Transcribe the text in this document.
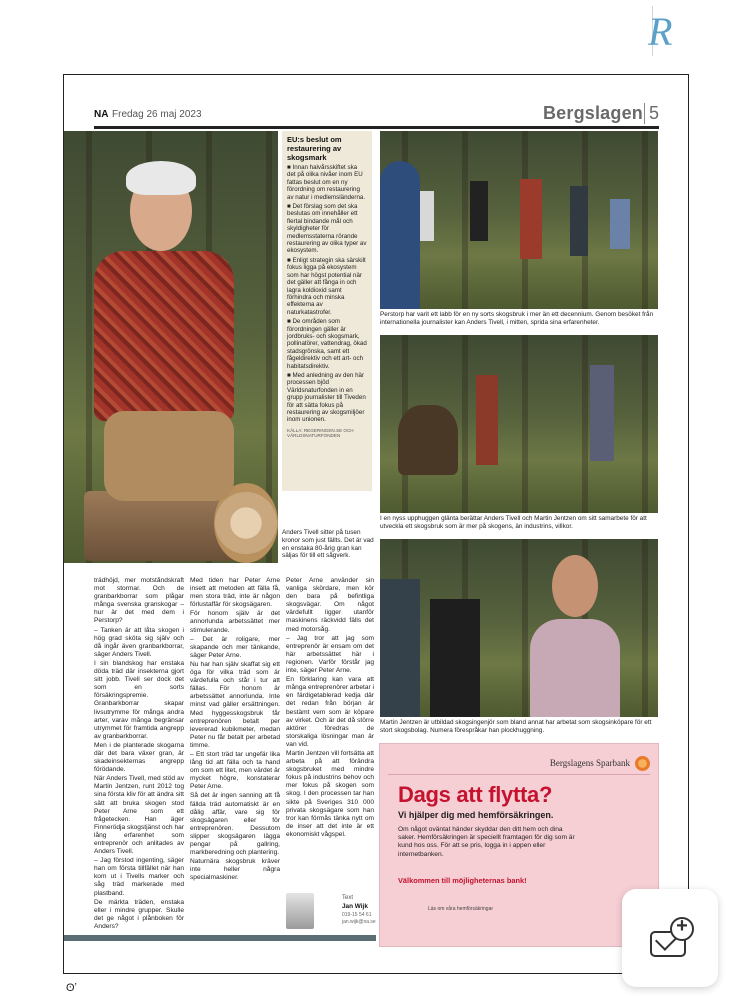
R
NA Fredag 26 maj 2023	Bergslagen 5
EU:s beslut om restaurering av skogsmark
■ Innan halvårsskiftet ska det på olika nivåer inom EU fattas beslut om en ny förordning om restaurering av natur i medlemsländerna.
■ Det förslag som det ska beslutas om innehåller ett flertal bindande mål och skyldigheter för medlemsstaterna rörande restaurering av olika typer av ekosystem.
■ Enligt strategin ska särskilt fokus ligga på ekosystem som har högst potential när det gäller att fånga in och lagra koldioxid samt förhindra och minska effekterna av naturkatastrofer.
■ De områden som förordningen gäller är jordbruks- och skogsmark, pollinatörer, vattendrag, ökad stadsgrönska, samt ett fågeldirektiv och ett art- och habitatsdirektiv.
■ Med anledning av den här processen bjöd Världsnaturfonden in en grupp journalister till Tiveden för att sätta fokus på restaurering av skogsmiljöer inom unionen.
KÄLLA: REGERINGEN.SE OCH VÄRLDSNATURFONDEN
Anders Tivell sitter på tusen kronor som just fällts. Det är vad en enstaka 80-årig gran kan säljas för till ett sågverk.
Perstorp har varit ett labb för en ny sorts skogsbruk i mer än ett decennium. Genom besöket från internationella journalister kan Anders Tivell, i mitten, sprida sina erfarenheter.
I en nyss upphuggen glänta berättar Anders Tivell och Martin Jentzen om sitt samarbete för att utveckla ett skogsbruk som är mer på skogens, än industrins, villkor.
Martin Jentzen är utbildad skogsingenjör som bland annat har arbetat som skogsinköpare för ett stort skogsbolag. Numera förespråkar han plockhuggning.

trädhöjd, mer motståndskraft mot stormar. Och de granbarkborrar som plågar många svenska granskogar – hur är det med dem i Perstorp?

– Tanken är att låta skogen i hög grad sköta sig själv och då ingår även granbarkborrar, säger Anders Tivell.

I sin blandskog har enstaka döda träd där insekterna gjort sitt jobb. Tivell ser dock det som en sorts försäkringspremie. Granbarkborrar skapar livsutrymme för många andra arter, varav många begränsar utrymmet för framtida angrepp av granbarkborrar.

Men i de planterade skogarna där det bara växer gran, är skadeinsekternas angrepp förödande.

När Anders Tivell, med stöd av Martin Jentzen, runt 2012 tog sina första kliv för att ändra sitt sätt att bruka skogen stod Peter Arne som ett frågetecken. Han äger Finnerödja skogstjänst och har lång erfarenhet som entreprenör och anlitades av Anders Tivell.

– Jag förstod ingenting, säger han om första tillfället när han kom ut i Tivells marker och såg träd markerade med plastband.

De märkta träden, enstaka eller i mindre grupper. Skulle det ge något i plånboken för Anders?

Med tiden har Peter Arne insett att metoden att fälla få, men stora träd, inte är någon förlustaffär för skogsägaren.

För honom själv är det annorlunda arbetssättet mer stimulerande.

– Det är roligare, mer skapande och mer tänkande, säger Peter Arne.

Nu har han själv skaffat sig ett öga för vilka träd som är värdefulla och står i tur att fällas. För honom är arbetssättet annorlunda. Inte minst vad gäller ersättningen. Med hyggesskogsbruk får entreprenören betalt per levererad kubikmeter, medan Peter nu får betalt per arbetad timme.

– Ett stort träd tar ungefär lika lång tid att fälla och ta hand om som ett litet, men värdet är mycket högre, konstaterar Peter Arne.

Så det är ingen sanning att få fällda träd automatiskt är en dålig affär, vare sig för skogsägaren eller för entreprenören. Dessutom slipper skogsägaren lägga pengar på gallring, markberedning och plantering.

Naturnära skogsbruk kräver inte heller några specialmaskiner.

Peter Arne använder sin vanliga skördare, men kör den bara på befintliga skogsvägar. Om något värdefullt ligger utanför maskinens räckvidd fälls det med motorsåg.

– Jag tror att jag som entreprenör är ensam om det här arbetssättet här i regionen. Varför förstår jag inte, säger Peter Arne.

En förklaring kan vara att många entreprenörer arbetar i en färdigetablerad kedja där det redan från början är bestämt vem som är köpare av virket. Och är det då större aktörer föredras de storskaliga lösningar man är van vid.

Martin Jentzen vill fortsätta att arbeta på att förändra skogsbruket med mindre fokus på industrins behov och mer fokus på skogen som skog. I den processen tar han sikte på Sveriges 310 000 privata skogsägare som han tror kan förmås tänka nytt om de inser att det inte är ett ekonomiskt vågspel.

Text
Jan Wijk
019-15 54 61
jan.wijk@na.se
Bergslagens Sparbank
Dags att flytta?
Vi hjälper dig med hemförsäkringen.
Om något oväntat händer skyddar den ditt hem och dina saker. Hemförsäkringen är speciellt framtagen för dig som är kund hos oss. För att se pris, logga in i appen eller internetbanken.
Välkommen till möjligheternas bank!
Läs om våra hemförsäkringar
ʘʼ
+
